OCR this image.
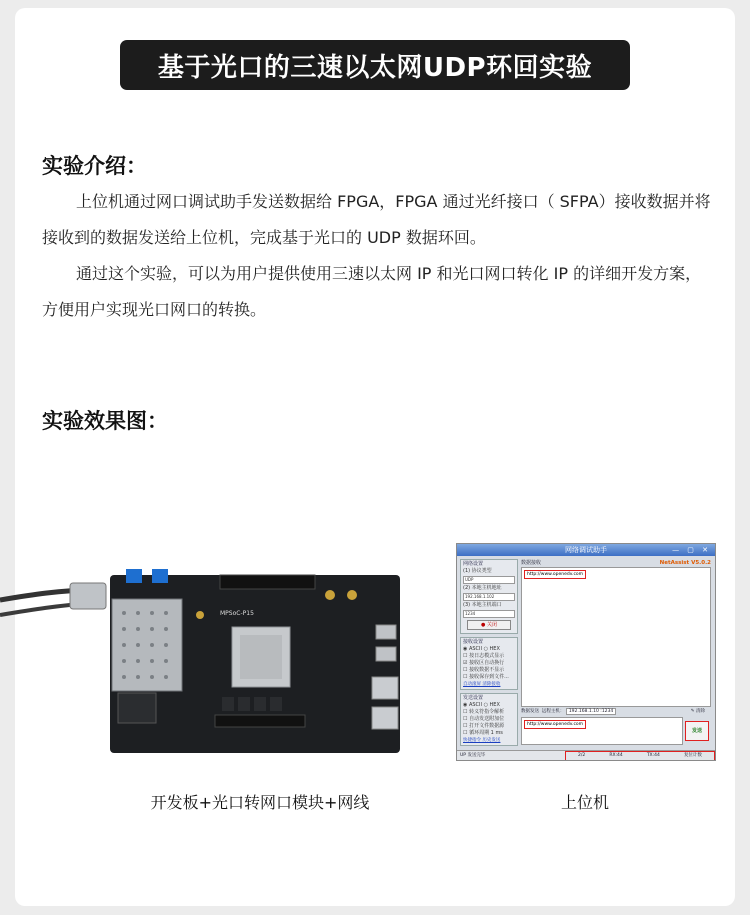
基于光口的三速以太网UDP环回实验
实验介绍：

上位机通过网口调试助手发送数据给 FPGA，FPGA 通过光纤接口（ SFPA）接收数据并将接收到的数据发送给上位机，完成基于光口的 UDP 数据环回。

通过这个实验，可以为用户提供使用三速以太网 IP 和光口网口转化 IP 的详细开发方案，方便用户实现光口网口的转换。

实验效果图：
MPSoC-P15
开发板+光口转网口模块+网线
网络调试助手	— ▢ ✕
网络设置
(1) 协议类型
UDP
(2) 本地主机地址
192.168.1.102
(3) 本地主机端口
1234
● 关闭
接收设置
◉ ASCII ○ HEX
☐ 按日志模式显示
☑ 接收区自动换行
☐ 接收数据不显示
☐ 接收保存到文件...
自动滚屏 清除接收
发送设置
◉ ASCII ○ HEX
☐ 转义符指令解析
☐ 自动发送附加位
☐ 打开文件数据源
☐ 循环周期 1 ms
快捷指令 历史发送
数据接收	NetAssist V5.0.2
http://www.openedv.com
数据发送 远程主机： 192.168.1.10 :1234	✎ 清除
http://www.openedv.com
发送
UP 发送完毕	2/2	RX:44	TX:44	复位计数
上位机
